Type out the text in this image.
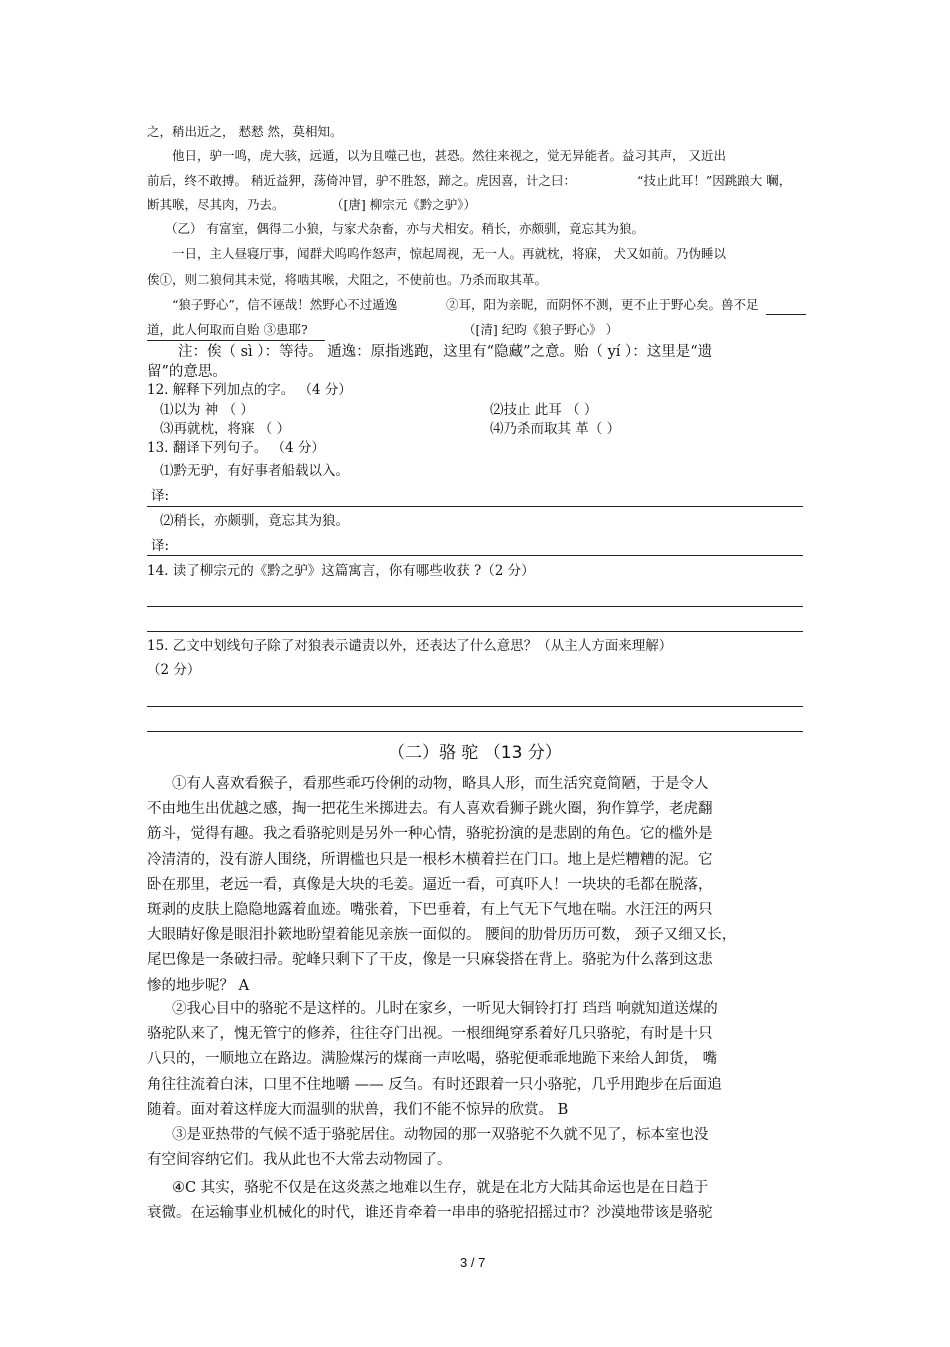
之，稍出近之， 慭慭 然，莫相知。
他日，驴一鸣，虎大骇，远遁，以为且噬己也，甚恐。然往来视之，觉无异能者。益习其声， 又近出
前后，终不敢搏。 稍近益狎，荡倚冲冒，驴不胜怒，蹄之。虎因喜，计之曰：	“技止此耳！”因跳踉大 㘎，
断其喉，尽其肉，乃去。	（[唐] 柳宗元《黔之驴》）
（乙） 有富室，偶得二小狼，与家犬杂畜，亦与犬相安。稍长，亦颇驯，竟忘其为狼。
一日，主人昼寝厅事，闻群犬呜呜作怒声，惊起周视，无一人。再就枕，将寐， 犬又如前。乃伪睡以
俟①，则二狼伺其未觉，将啮其喉，犬阻之，不使前也。乃杀而取其革。
“狼子野心”，信不诬哉！然野心不过遁逸	②耳，阳为亲昵，而阴怀不测，更不止于野心矣。兽不足
道，此人何取而自贻 ③患耶?	（[清] 纪昀《狼子野心》 ）
注：俟（ sì ）：等待。 遁逸：原指逃跑，这里有“隐藏”之意。贻（ yí ）：这里是“遗
留”的意思。
12. 解释下列加点的字。 （4 分）
⑴以为 神 （ ）	⑵技止 此耳 （ ）
⑶再就枕，将寐 （ ）	⑷乃杀而取其 革（ ）
13. 翻译下列句子。 （4 分）
⑴黔无驴，有好事者船载以入。
译:
⑵稍长，亦颇驯，竟忘其为狼。
译:
14. 读了柳宗元的《黔之驴》这篇寓言，你有哪些收获 ?（2 分）
15. 乙文中划线句子除了对狼表示谴责以外，还表达了什么意思？（从主人方面来理解）
（2 分）
（二）骆 驼 （13 分）
①有人喜欢看猴子，看那些乖巧伶俐的动物，略具人形，而生活究竟简陋，于是令人
不由地生出优越之感，掏一把花生米掷进去。有人喜欢看狮子跳火圈，狗作算学，老虎翻
筋斗，觉得有趣。我之看骆驼则是另外一种心情，骆驼扮演的是悲剧的角色。它的槛外是
冷清清的，没有游人围绕，所谓槛也只是一根杉木横着拦在门口。地上是烂糟糟的泥。它
卧在那里，老远一看，真像是大块的毛姜。逼近一看，可真吓人！一块块的毛都在脱落，
斑剥的皮肤上隐隐地露着血迹。嘴张着，下巴垂着，有上气无下气地在喘。水汪汪的两只
大眼睛好像是眼泪扑簌地盼望着能见亲族一面似的。 腰间的肋骨历历可数， 颈子又细又长，
尾巴像是一条破扫帚。驼峰只剩下了干皮，像是一只麻袋搭在背上。骆驼为什么落到这悲
惨的地步呢？ A
②我心目中的骆驼不是这样的。儿时在家乡，一听见大铜铃打打 珰珰 响就知道送煤的
骆驼队来了，愧无管宁的修养，往往夺门出视。一根细绳穿系着好几只骆驼，有时是十只
八只的，一顺地立在路边。满脸煤污的煤商一声吆喝，骆驼便乖乖地跪下来给人卸货， 嘴
角往往流着白沫，口里不住地嚼 —— 反刍。有时还跟着一只小骆驼，几乎用跑步在后面追
随着。面对着这样庞大而温驯的狀兽，我们不能不惊异的欣赏。 B
③是亚热带的气候不适于骆驼居住。动物园的那一双骆驼不久就不见了，标本室也没
有空间容纳它们。我从此也不大常去动物园了。
④C 其实，骆驼不仅是在这炎蒸之地难以生存，就是在北方大陆其命运也是在日趋于
衰微。在运输事业机械化的时代，谁还肯牵着一串串的骆驼招摇过市？沙漠地带该是骆驼
3 / 7
